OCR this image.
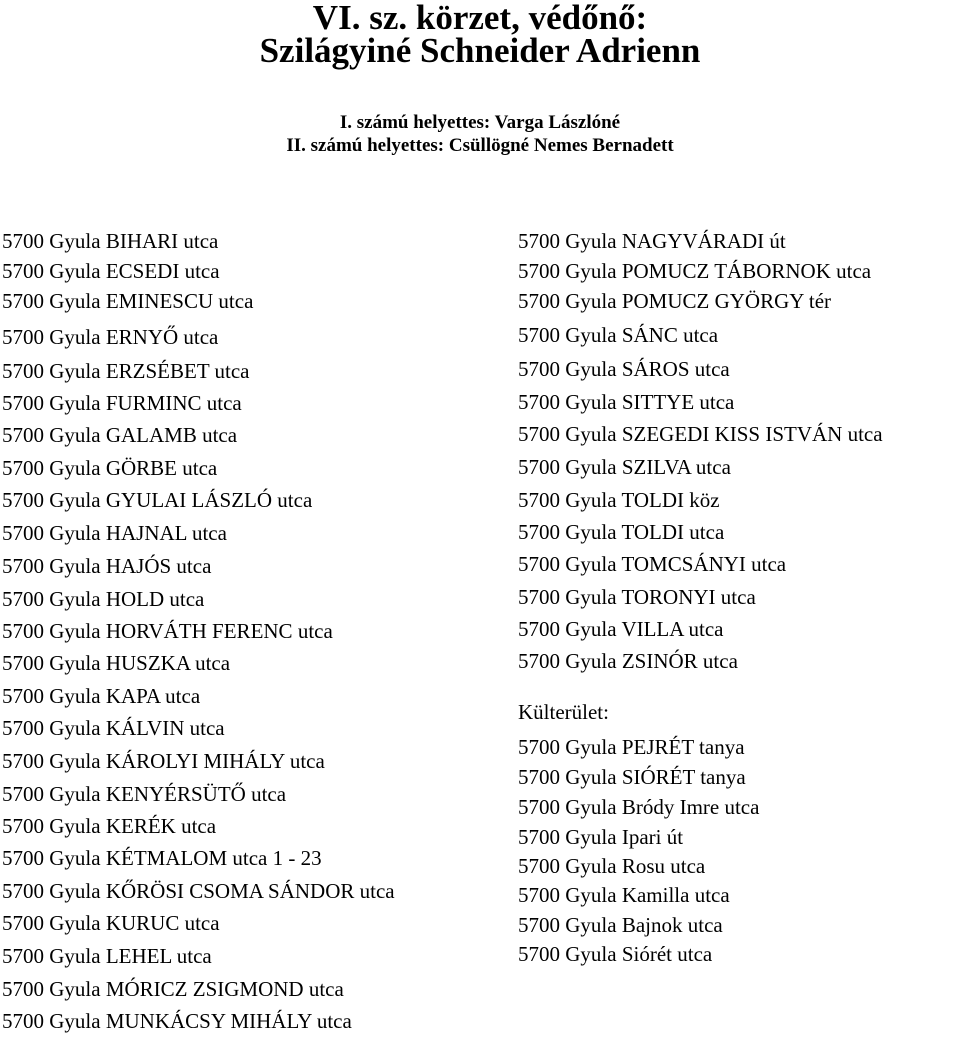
VI. sz. körzet, védőnő:
Szilágyiné Schneider Adrienn
I. számú helyettes: Varga Lászlóné
II. számú helyettes: Csüllögné Nemes Bernadett
5700 Gyula BIHARI utca
5700 Gyula ECSEDI utca
5700 Gyula EMINESCU utca
5700 Gyula ERNYŐ utca
5700 Gyula ERZSÉBET utca
5700 Gyula FURMINC utca
5700 Gyula GALAMB utca
5700 Gyula GÖRBE utca
5700 Gyula GYULAI LÁSZLÓ utca
5700 Gyula HAJNAL utca
5700 Gyula HAJÓS utca
5700 Gyula HOLD utca
5700 Gyula HORVÁTH FERENC utca
5700 Gyula HUSZKA utca
5700 Gyula KAPA utca
5700 Gyula KÁLVIN utca
5700 Gyula KÁROLYI MIHÁLY utca
5700 Gyula KENYÉRSÜTŐ utca
5700 Gyula KERÉK utca
5700 Gyula KÉTMALOM utca 1 - 23
5700 Gyula KŐRÖSI CSOMA SÁNDOR utca
5700 Gyula KURUC utca
5700 Gyula LEHEL utca
5700 Gyula MÓRICZ ZSIGMOND utca
5700 Gyula MUNKÁCSY MIHÁLY utca
5700 Gyula NAGYVÁRADI út
5700 Gyula POMUCZ TÁBORNOK utca
5700 Gyula POMUCZ GYÖRGY tér
5700 Gyula SÁNC utca
5700 Gyula SÁROS utca
5700 Gyula SITTYE utca
5700 Gyula SZEGEDI KISS ISTVÁN utca
5700 Gyula SZILVA utca
5700 Gyula TOLDI köz
5700 Gyula TOLDI utca
5700 Gyula TOMCSÁNYI utca
5700 Gyula TORONYI utca
5700 Gyula VILLA utca
5700 Gyula ZSINÓR utca
Külterület:
5700 Gyula PEJRÉT tanya
5700 Gyula SIÓRÉT tanya
5700 Gyula Bródy Imre utca
5700 Gyula Ipari út
5700 Gyula Rosu utca
5700 Gyula Kamilla utca
5700 Gyula Bajnok utca
5700 Gyula Siórét utca
